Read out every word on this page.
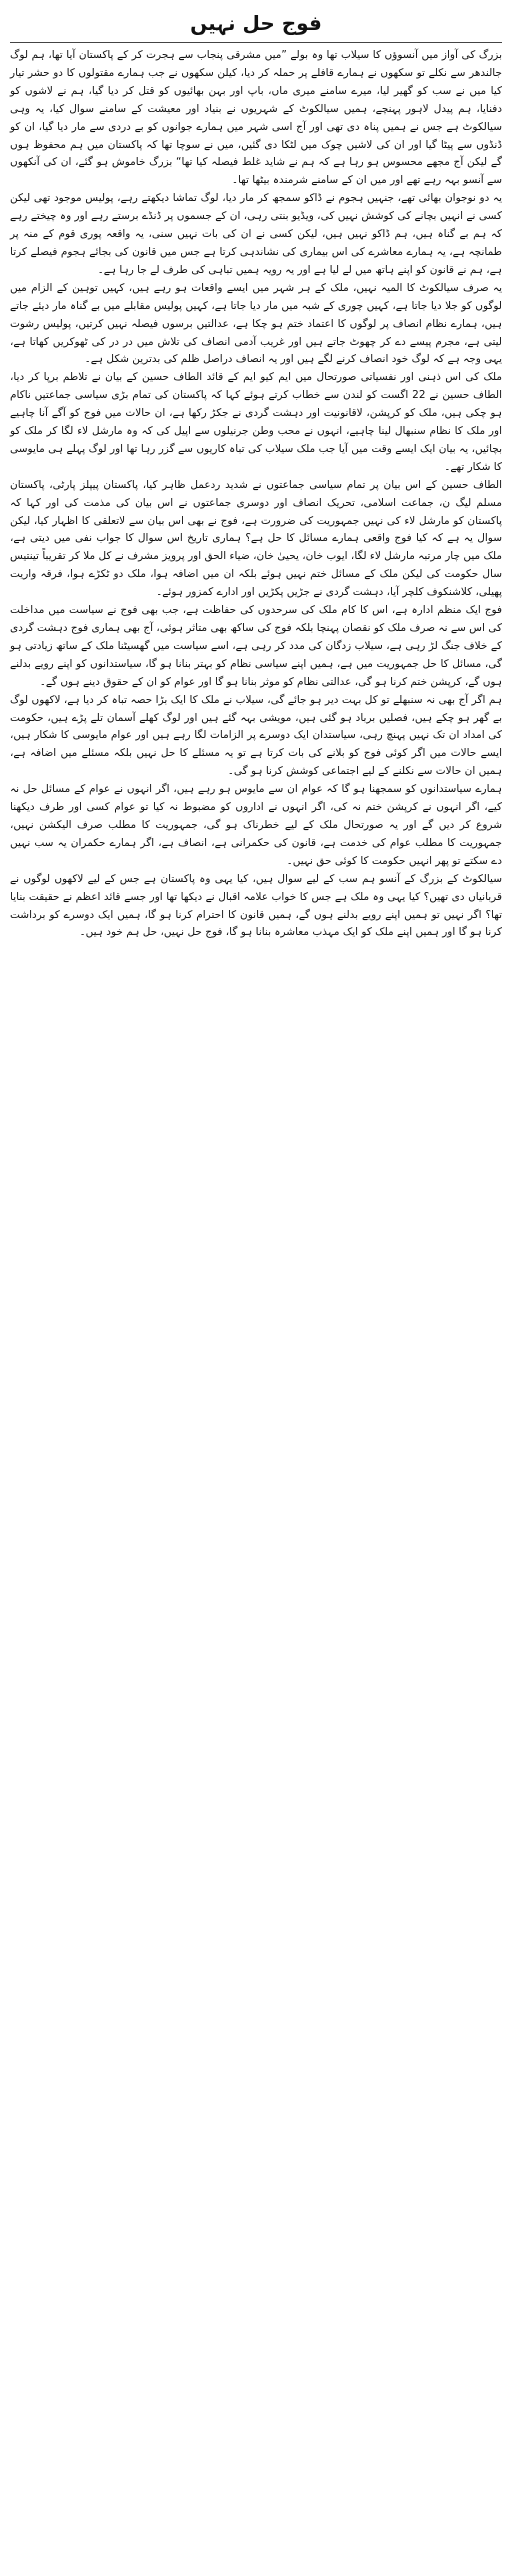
فوج حل نہیں

بزرگ کی آواز میں آنسوؤں کا سیلاب تھا وہ بولے ”میں مشرقی پنجاب سے ہجرت کر کے پاکستان آیا تھا، ہم لوگ جالندھر سے نکلے تو سکھوں نے ہمارے قافلے پر حملہ کر دیا، کیلن سکھوں نے جب ہمارے مقتولوں کا دو حشر تیار کیا میں نے سب کو گھیر لیا، میرے سامنے میری ماں، باپ اور بہن بھائیوں کو قتل کر دیا گیا، ہم نے لاشوں کو دفنایا، ہم پیدل لاہور پہنچے، ہمیں سیالکوٹ کے شہریوں نے بنیاد اور معیشت کے سامنے سوال کیا، یہ وہی سیالکوٹ ہے جس نے ہمیں پناہ دی تھی اور آج اسی شہر میں ہمارے جوانوں کو بے دردی سے مار دیا گیا، ان کو ڈنڈوں سے پیٹا گیا اور ان کی لاشیں چوک میں لٹکا دی گئیں، میں نے سوچا تھا کہ پاکستان میں ہم محفوظ ہوں گے لیکن آج مجھے محسوس ہو رہا ہے کہ ہم نے شاید غلط فیصلہ کیا تھا“ بزرگ خاموش ہو گئے، ان کی آنکھوں سے آنسو بہہ رہے تھے اور میں ان کے سامنے شرمندہ بیٹھا تھا۔

یہ دو نوجوان بھائی تھے، جنہیں ہجوم نے ڈاکو سمجھ کر مار دیا، لوگ تماشا دیکھتے رہے، پولیس موجود تھی لیکن کسی نے انہیں بچانے کی کوشش نہیں کی، ویڈیو بنتی رہی، ان کے جسموں پر ڈنڈے برستے رہے اور وہ چیختے رہے کہ ہم بے گناہ ہیں، ہم ڈاکو نہیں ہیں، لیکن کسی نے ان کی بات نہیں سنی، یہ واقعہ پوری قوم کے منہ پر طمانچہ ہے، یہ ہمارے معاشرے کی اس بیماری کی نشاندہی کرتا ہے جس میں قانون کی بجائے ہجوم فیصلے کرتا ہے، ہم نے قانون کو اپنے ہاتھ میں لے لیا ہے اور یہ رویہ ہمیں تباہی کی طرف لے جا رہا ہے۔

یہ صرف سیالکوٹ کا المیہ نہیں، ملک کے ہر شہر میں ایسے واقعات ہو رہے ہیں، کہیں توہین کے الزام میں لوگوں کو جلا دیا جاتا ہے، کہیں چوری کے شبہ میں مار دیا جاتا ہے، کہیں پولیس مقابلے میں بے گناہ مار دیئے جاتے ہیں، ہمارے نظام انصاف پر لوگوں کا اعتماد ختم ہو چکا ہے، عدالتیں برسوں فیصلہ نہیں کرتیں، پولیس رشوت لیتی ہے، مجرم پیسے دے کر چھوٹ جاتے ہیں اور غریب آدمی انصاف کی تلاش میں در در کی ٹھوکریں کھاتا ہے، یہی وجہ ہے کہ لوگ خود انصاف کرنے لگے ہیں اور یہ انصاف دراصل ظلم کی بدترین شکل ہے۔

ملک کی اس ذہنی اور نفسیاتی صورتحال میں ایم کیو ایم کے قائد الطاف حسین کے بیان نے تلاطم برپا کر دیا، الطاف حسین نے 22 اگست کو لندن سے خطاب کرتے ہوئے کہا کہ پاکستان کی تمام بڑی سیاسی جماعتیں ناکام ہو چکی ہیں، ملک کو کرپشن، لاقانونیت اور دہشت گردی نے جکڑ رکھا ہے، ان حالات میں فوج کو آگے آنا چاہیے اور ملک کا نظام سنبھال لینا چاہیے، انہوں نے محب وطن جرنیلوں سے اپیل کی کہ وہ مارشل لاء لگا کر ملک کو بچائیں، یہ بیان ایک ایسے وقت میں آیا جب ملک سیلاب کی تباہ کاریوں سے گزر رہا تھا اور لوگ پہلے ہی مایوسی کا شکار تھے۔

الطاف حسین کے اس بیان پر تمام سیاسی جماعتوں نے شدید ردعمل ظاہر کیا، پاکستان پیپلز پارٹی، پاکستان مسلم لیگ ن، جماعت اسلامی، تحریک انصاف اور دوسری جماعتوں نے اس بیان کی مذمت کی اور کہا کہ پاکستان کو مارشل لاء کی نہیں جمہوریت کی ضرورت ہے، فوج نے بھی اس بیان سے لاتعلقی کا اظہار کیا، لیکن سوال یہ ہے کہ کیا فوج واقعی ہمارے مسائل کا حل ہے؟ ہماری تاریخ اس سوال کا جواب نفی میں دیتی ہے، ملک میں چار مرتبہ مارشل لاء لگا، ایوب خان، یحییٰ خان، ضیاء الحق اور پرویز مشرف نے کل ملا کر تقریباً تینتیس سال حکومت کی لیکن ملک کے مسائل ختم نہیں ہوئے بلکہ ان میں اضافہ ہوا، ملک دو ٹکڑے ہوا، فرقہ واریت پھیلی، کلاشنکوف کلچر آیا، دہشت گردی نے جڑیں پکڑیں اور ادارے کمزور ہوئے۔

فوج ایک منظم ادارہ ہے، اس کا کام ملک کی سرحدوں کی حفاظت ہے، جب بھی فوج نے سیاست میں مداخلت کی اس سے نہ صرف ملک کو نقصان پہنچا بلکہ فوج کی ساکھ بھی متاثر ہوئی، آج بھی ہماری فوج دہشت گردی کے خلاف جنگ لڑ رہی ہے، سیلاب زدگان کی مدد کر رہی ہے، اسے سیاست میں گھسیٹنا ملک کے ساتھ زیادتی ہو گی، مسائل کا حل جمہوریت میں ہے، ہمیں اپنے سیاسی نظام کو بہتر بنانا ہو گا، سیاستدانوں کو اپنے رویے بدلنے ہوں گے، کرپشن ختم کرنا ہو گی، عدالتی نظام کو موثر بنانا ہو گا اور عوام کو ان کے حقوق دینے ہوں گے۔

ہم اگر آج بھی نہ سنبھلے تو کل بہت دیر ہو جائے گی، سیلاب نے ملک کا ایک بڑا حصہ تباہ کر دیا ہے، لاکھوں لوگ بے گھر ہو چکے ہیں، فصلیں برباد ہو گئی ہیں، مویشی بہہ گئے ہیں اور لوگ کھلے آسمان تلے پڑے ہیں، حکومت کی امداد ان تک نہیں پہنچ رہی، سیاستدان ایک دوسرے پر الزامات لگا رہے ہیں اور عوام مایوسی کا شکار ہیں، ایسے حالات میں اگر کوئی فوج کو بلانے کی بات کرتا ہے تو یہ مسئلے کا حل نہیں بلکہ مسئلے میں اضافہ ہے، ہمیں ان حالات سے نکلنے کے لیے اجتماعی کوشش کرنا ہو گی۔

ہمارے سیاستدانوں کو سمجھنا ہو گا کہ عوام ان سے مایوس ہو رہے ہیں، اگر انہوں نے عوام کے مسائل حل نہ کیے، اگر انہوں نے کرپشن ختم نہ کی، اگر انہوں نے اداروں کو مضبوط نہ کیا تو عوام کسی اور طرف دیکھنا شروع کر دیں گے اور یہ صورتحال ملک کے لیے خطرناک ہو گی، جمہوریت کا مطلب صرف الیکشن نہیں، جمہوریت کا مطلب عوام کی خدمت ہے، قانون کی حکمرانی ہے، انصاف ہے، اگر ہمارے حکمران یہ سب نہیں دے سکتے تو پھر انہیں حکومت کا کوئی حق نہیں۔

سیالکوٹ کے بزرگ کے آنسو ہم سب کے لیے سوال ہیں، کیا یہی وہ پاکستان ہے جس کے لیے لاکھوں لوگوں نے قربانیاں دی تھیں؟ کیا یہی وہ ملک ہے جس کا خواب علامہ اقبال نے دیکھا تھا اور جسے قائد اعظم نے حقیقت بنایا تھا؟ اگر نہیں تو ہمیں اپنے رویے بدلنے ہوں گے، ہمیں قانون کا احترام کرنا ہو گا، ہمیں ایک دوسرے کو برداشت کرنا ہو گا اور ہمیں اپنے ملک کو ایک مہذب معاشرہ بنانا ہو گا، فوج حل نہیں، حل ہم خود ہیں۔
